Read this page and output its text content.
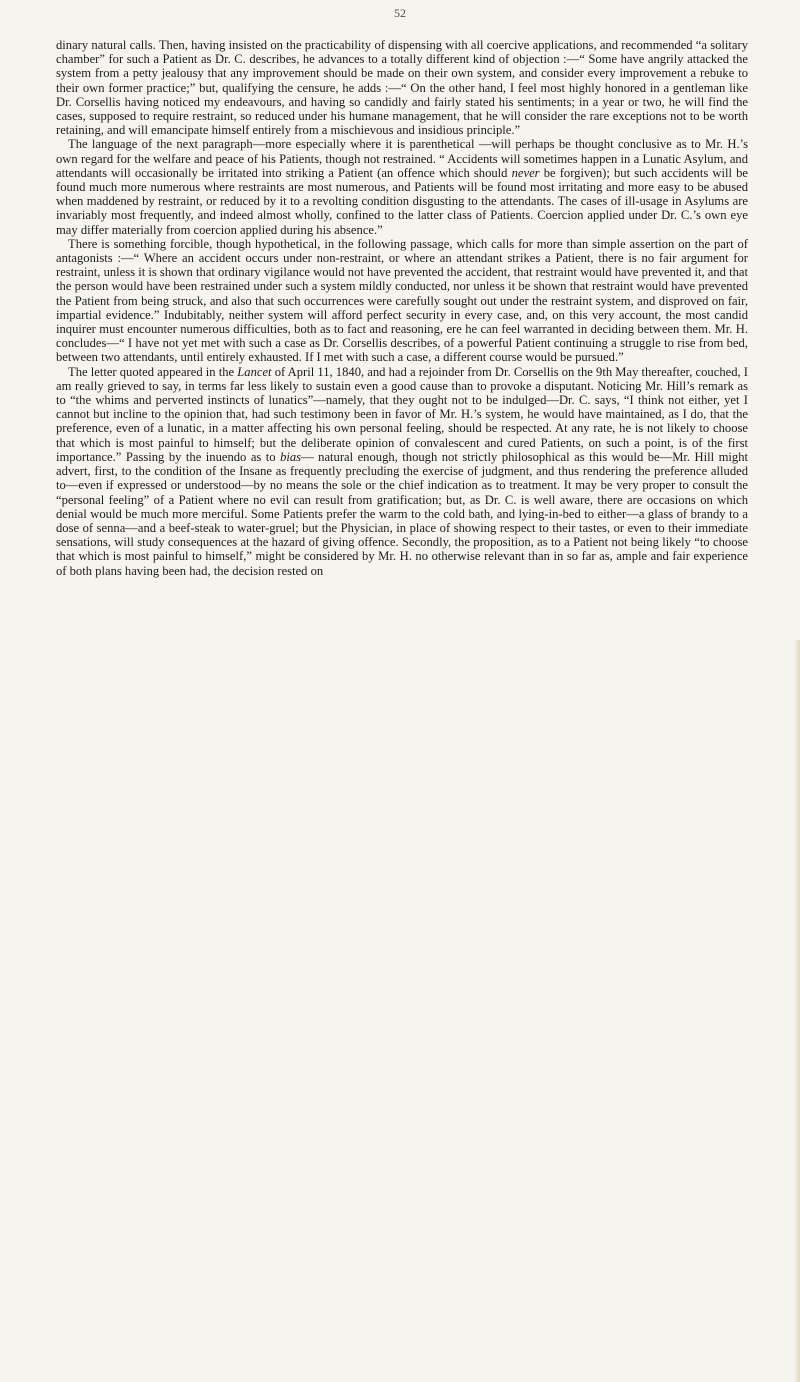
52

dinary natural calls. Then, having insisted on the practicability of dispensing with all coercive applications, and recommended “a solitary chamber” for such a Patient as Dr. C. describes, he advances to a totally different kind of objection :—“ Some have angrily attacked the system from a petty jealousy that any improvement should be made on their own system, and consider every improvement a rebuke to their own former practice;” but, qualifying the censure, he adds :—“ On the other hand, I feel most highly honored in a gentleman like Dr. Corsellis having noticed my endeavours, and having so candidly and fairly stated his sentiments; in a year or two, he will find the cases, supposed to require restraint, so reduced under his humane management, that he will consider the rare exceptions not to be worth retaining, and will emancipate himself entirely from a mischievous and insidious principle.”

The language of the next paragraph—more especially where it is parenthetical —will perhaps be thought conclusive as to Mr. H.’s own regard for the welfare and peace of his Patients, though not restrained. “ Accidents will sometimes happen in a Lunatic Asylum, and attendants will occasionally be irritated into striking a Patient (an offence which should never be forgiven); but such accidents will be found much more numerous where restraints are most numerous, and Patients will be found most irritating and more easy to be abused when maddened by restraint, or reduced by it to a revolting condition disgusting to the attendants. The cases of ill-usage in Asylums are invariably most frequently, and indeed almost wholly, confined to the latter class of Patients. Coercion applied under Dr. C.’s own eye may differ materially from coercion applied during his absence.”

There is something forcible, though hypothetical, in the following passage, which calls for more than simple assertion on the part of antagonists :—“ Where an accident occurs under non-restraint, or where an attendant strikes a Patient, there is no fair argument for restraint, unless it is shown that ordinary vigilance would not have prevented the accident, that restraint would have prevented it, and that the person would have been restrained under such a system mildly conducted, nor unless it be shown that restraint would have prevented the Patient from being struck, and also that such occurrences were carefully sought out under the restraint system, and disproved on fair, impartial evidence.” Indubitably, neither system will afford perfect security in every case, and, on this very account, the most candid inquirer must encounter numerous difficulties, both as to fact and reasoning, ere he can feel warranted in deciding between them. Mr. H. concludes—“ I have not yet met with such a case as Dr. Corsellis describes, of a powerful Patient continuing a struggle to rise from bed, between two attendants, until entirely exhausted. If I met with such a case, a different course would be pursued.”

The letter quoted appeared in the Lancet of April 11, 1840, and had a rejoinder from Dr. Corsellis on the 9th May thereafter, couched, I am really grieved to say, in terms far less likely to sustain even a good cause than to provoke a disputant. Noticing Mr. Hill’s remark as to “the whims and perverted instincts of lunatics”—namely, that they ought not to be indulged—Dr. C. says, “I think not either, yet I cannot but incline to the opinion that, had such testimony been in favor of Mr. H.’s system, he would have maintained, as I do, that the preference, even of a lunatic, in a matter affecting his own personal feeling, should be respected. At any rate, he is not likely to choose that which is most painful to himself; but the deliberate opinion of convalescent and cured Patients, on such a point, is of the first importance.” Passing by the inuendo as to bias— natural enough, though not strictly philosophical as this would be—Mr. Hill might advert, first, to the condition of the Insane as frequently precluding the exercise of judgment, and thus rendering the preference alluded to—even if expressed or understood—by no means the sole or the chief indication as to treatment. It may be very proper to consult the “personal feeling” of a Patient where no evil can result from gratification; but, as Dr. C. is well aware, there are occasions on which denial would be much more merciful. Some Patients prefer the warm to the cold bath, and lying-in-bed to either—a glass of brandy to a dose of senna—and a beef-steak to water-gruel; but the Physician, in place of showing respect to their tastes, or even to their immediate sensations, will study consequences at the hazard of giving offence. Secondly, the proposition, as to a Patient not being likely “to choose that which is most painful to himself,” might be considered by Mr. H. no otherwise relevant than in so far as, ample and fair experience of both plans having been had, the decision rested on
